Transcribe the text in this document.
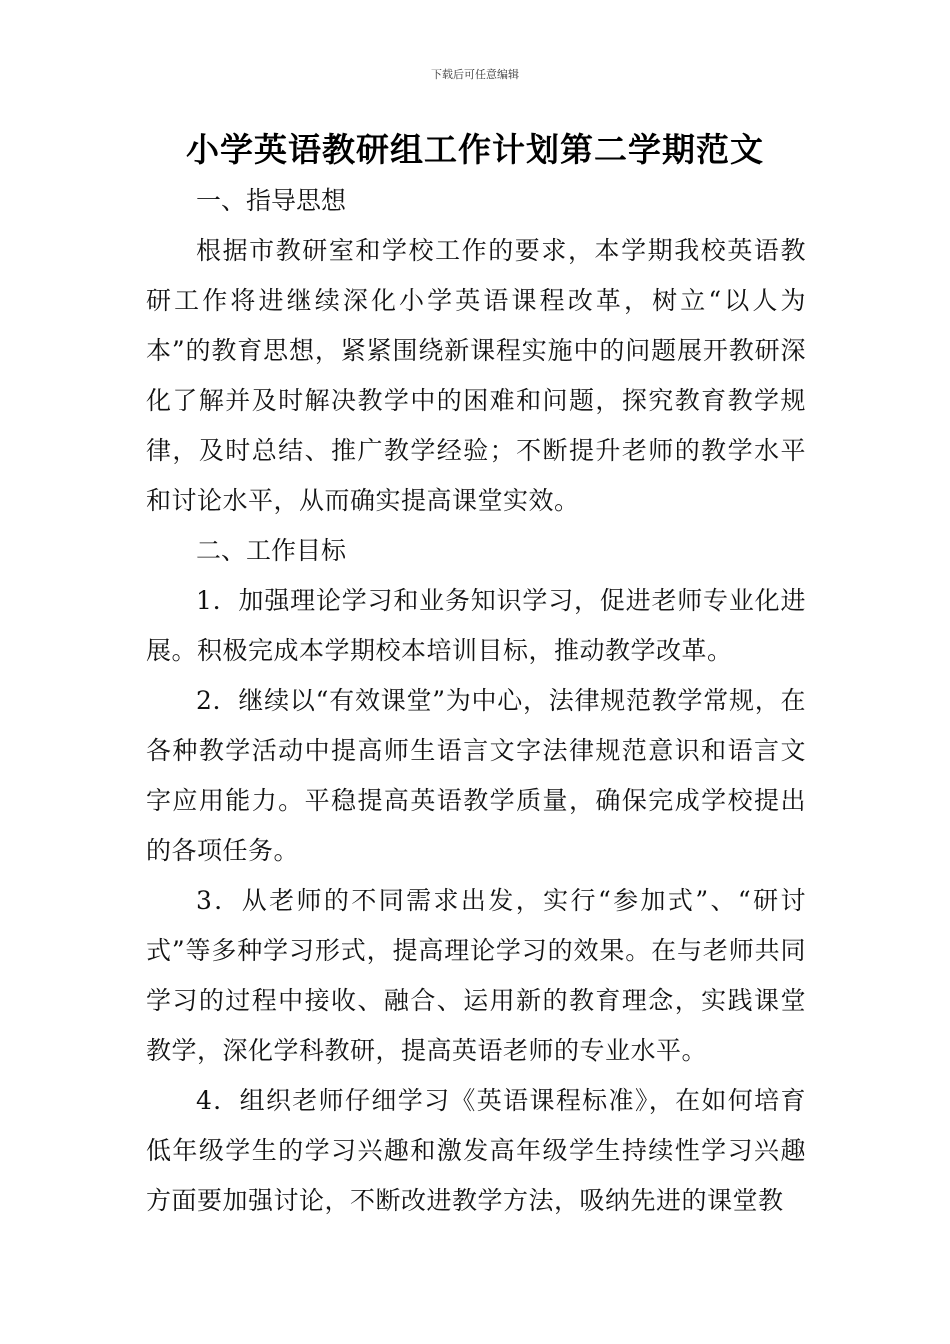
下载后可任意编辑
小学英语教研组工作计划第二学期范文

一、指导思想

根据市教研室和学校工作的要求，本学期我校英语教研工作将进继续深化小学英语课程改革，树立“以人为本”的教育思想，紧紧围绕新课程实施中的问题展开教研深化了解并及时解决教学中的困难和问题，探究教育教学规律，及时总结、推广教学经验；不断提升老师的教学水平和讨论水平，从而确实提高课堂实效。

二、工作目标

1．加强理论学习和业务知识学习，促进老师专业化进展。积极完成本学期校本培训目标，推动教学改革。

2．继续以“有效课堂”为中心，法律规范教学常规，在各种教学活动中提高师生语言文字法律规范意识和语言文字应用能力。平稳提高英语教学质量，确保完成学校提出的各项任务。

3．从老师的不同需求出发，实行“参加式”、“研讨式”等多种学习形式，提高理论学习的效果。在与老师共同学习的过程中接收、融合、运用新的教育理念，实践课堂教学，深化学科教研，提高英语老师的专业水平。

4．组织老师仔细学习《英语课程标准》，在如何培育低年级学生的学习兴趣和激发高年级学生持续性学习兴趣方面要加强讨论，不断改进教学方法，吸纳先进的课堂教
